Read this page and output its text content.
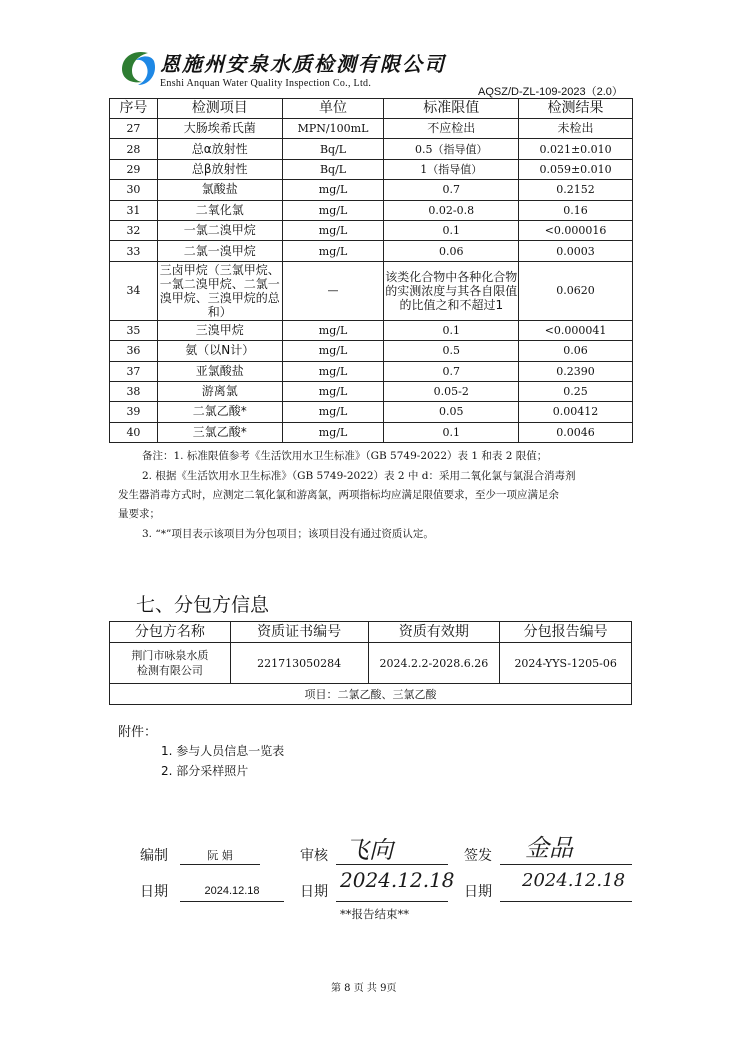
恩施州安泉水质检测有限公司
Enshi Anquan Water Quality Inspection Co., Ltd.
AQSZ/D-ZL-109-2023（2.0）
序号	检测项目	单位	标准限值	检测结果
27	大肠埃希氏菌	MPN/100mL	不应检出	未检出
28	总α放射性	Bq/L	0.5（指导值）	0.021±0.010
29	总β放射性	Bq/L	1（指导值）	0.059±0.010
30	氯酸盐	mg/L	0.7	0.2152
31	二氧化氯	mg/L	0.02-0.8	0.16
32	一氯二溴甲烷	mg/L	0.1	<0.000016
33	二氯一溴甲烷	mg/L	0.06	0.0003
34	三卤甲烷（三氯甲烷、一氯二溴甲烷、二氯一溴甲烷、三溴甲烷的总和）	—	该类化合物中各种化合物的实测浓度与其各自限值的比值之和不超过1	0.0620
35	三溴甲烷	mg/L	0.1	<0.000041
36	氨（以N计）	mg/L	0.5	0.06
37	亚氯酸盐	mg/L	0.7	0.2390
38	游离氯	mg/L	0.05-2	0.25
39	二氯乙酸*	mg/L	0.05	0.00412
40	三氯乙酸*	mg/L	0.1	0.0046
备注：1. 标准限值参考《生活饮用水卫生标准》（GB 5749-2022）表 1 和表 2 限值；
2. 根据《生活饮用水卫生标准》（GB 5749-2022）表 2 中 d：采用二氧化氯与氯混合消毒剂
发生器消毒方式时，应测定二氧化氯和游离氯，两项指标均应满足限值要求，至少一项应满足余
量要求；
3. “*”项目表示该项目为分包项目；该项目没有通过资质认定。
七、分包方信息
分包方名称	资质证书编号	资质有效期	分包报告编号

荆门市咏泉水质
检测有限公司	221713050284	2024.2.2-2028.6.26	2024-YYS-1205-06
项目：二氯乙酸、三氯乙酸			
附件：
1. 参与人员信息一览表
2. 部分采样照片
编制	阮 娟	审核 飞向	签发 金品
日期	2024.12.18	日期 2024.12.18 日期
2024.12.18
**报告结束**
第 8 页 共 9页
